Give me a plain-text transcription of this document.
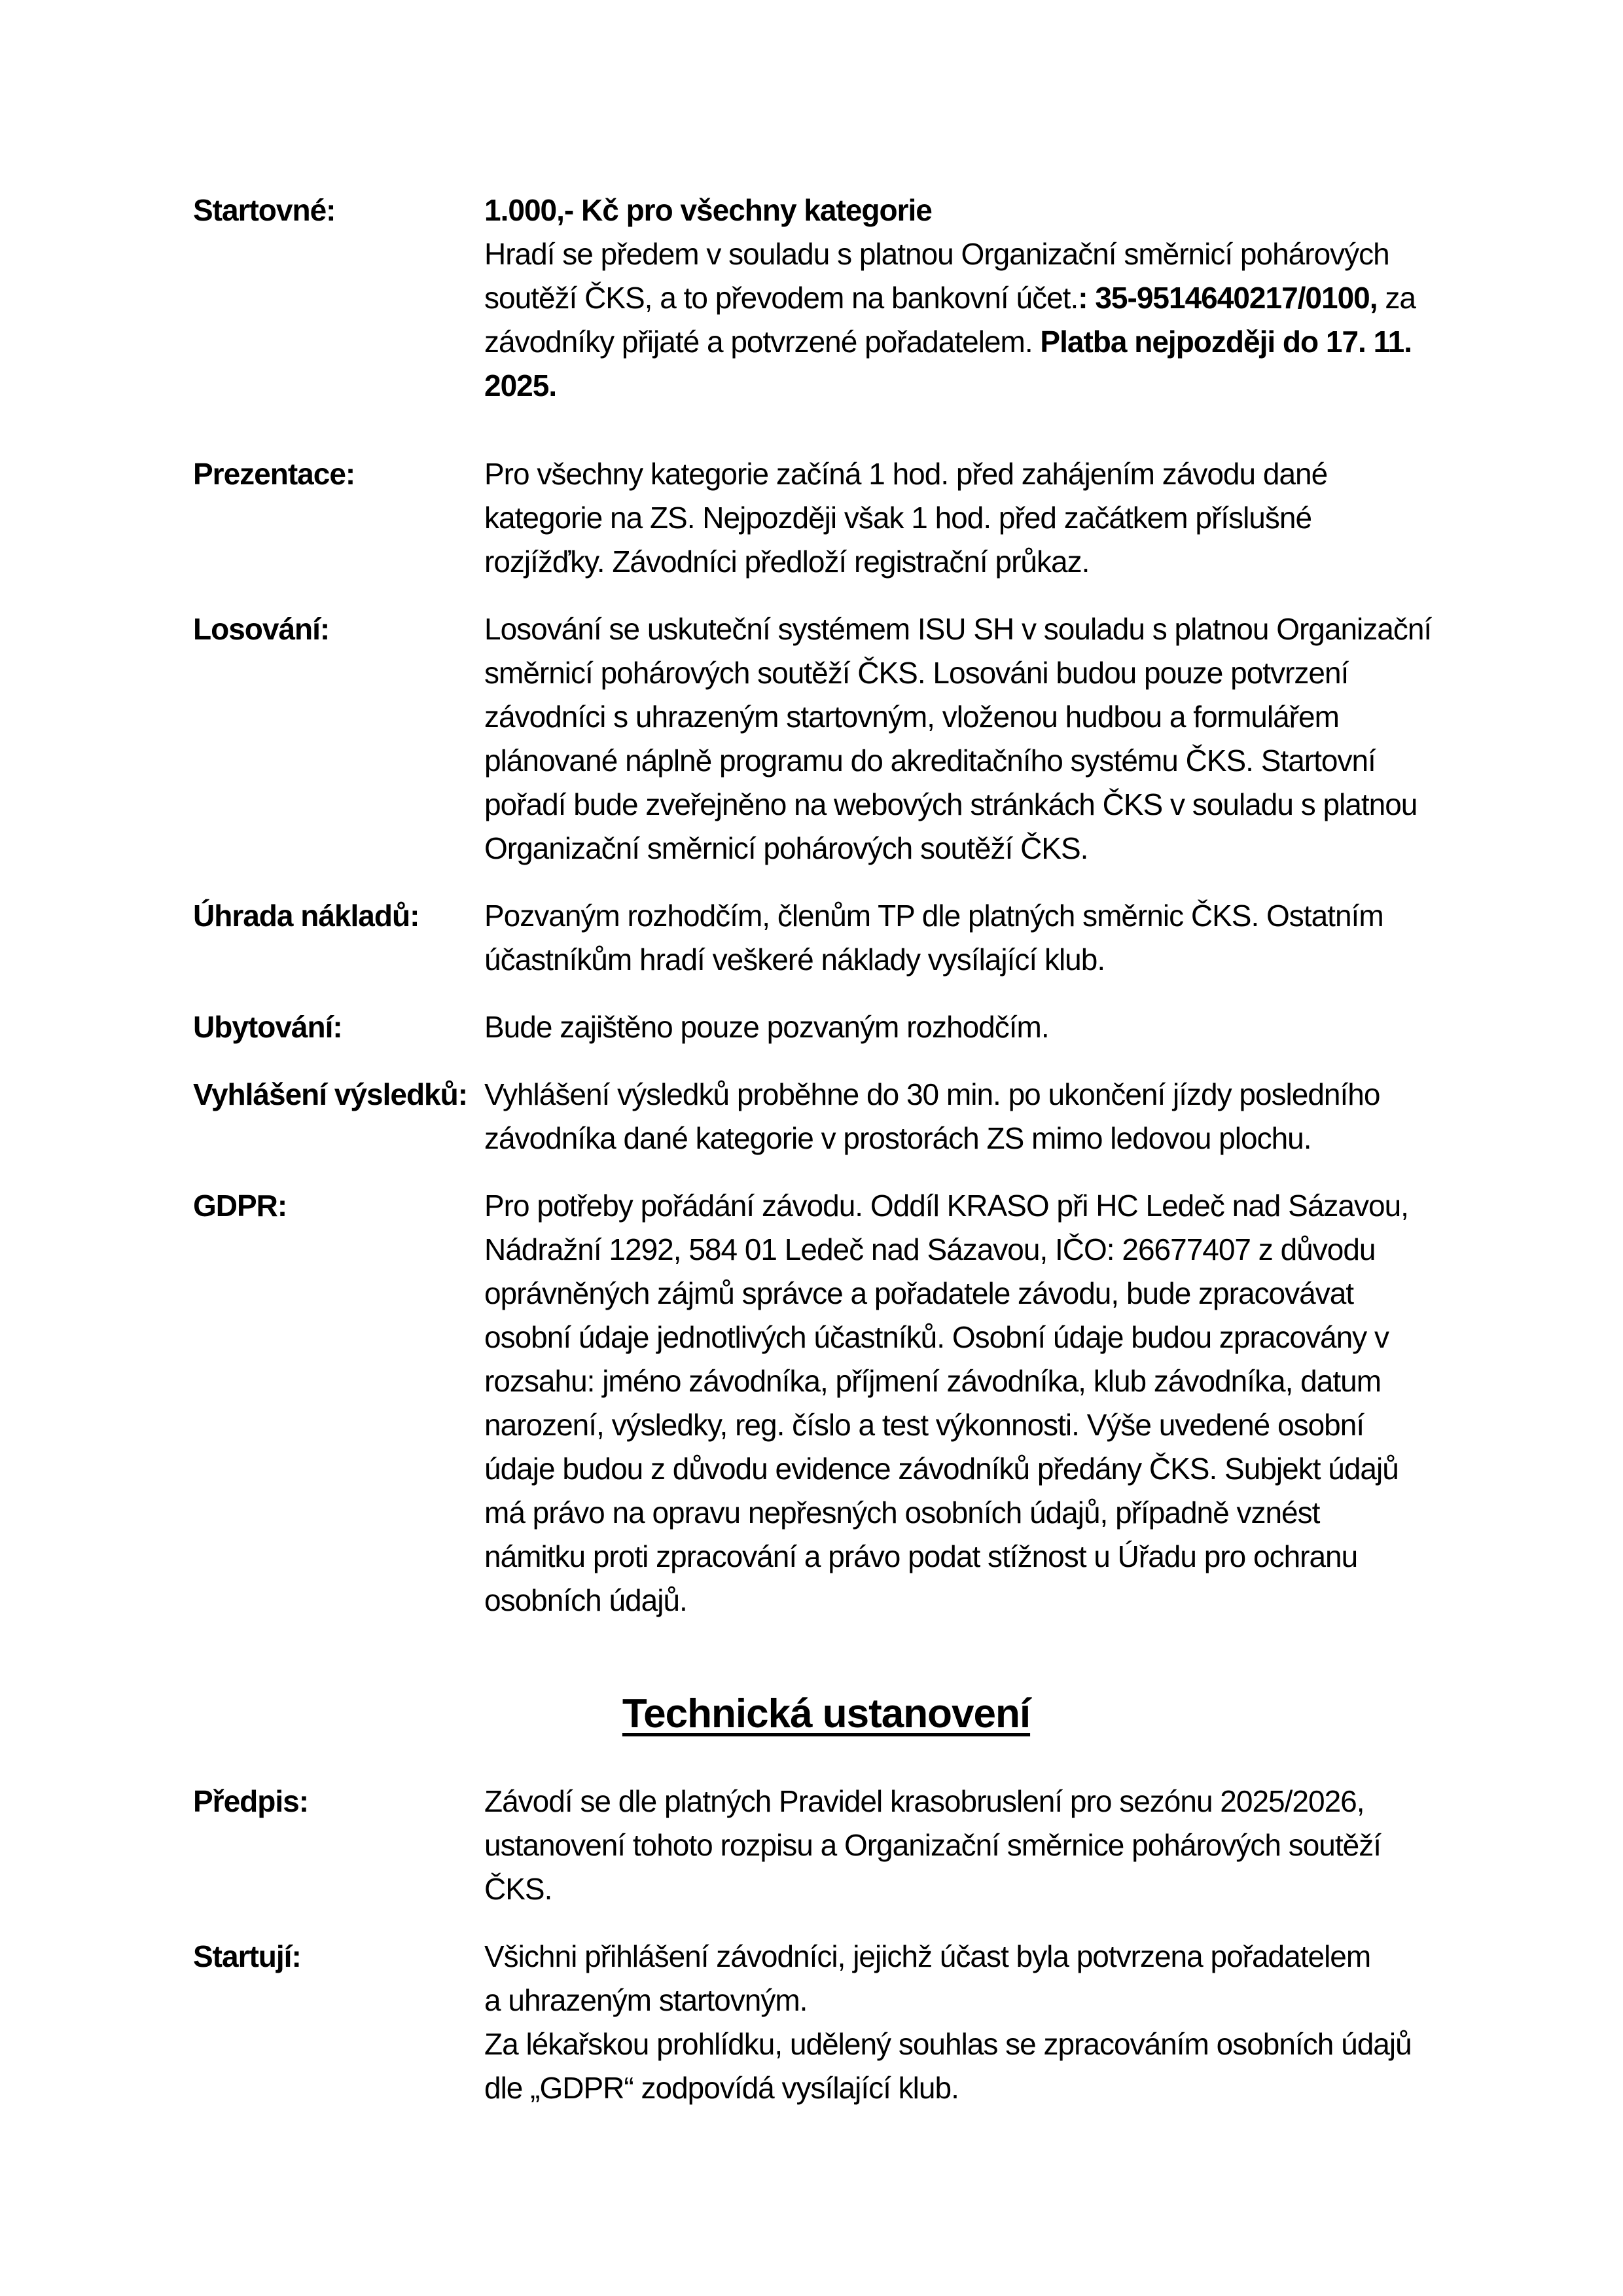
Startovné:	1.000,- Kč pro všechny kategorie
Hradí se předem v souladu s platnou Organizační směrnicí pohárových
soutěží ČKS, a to převodem na bankovní účet.: 35-9514640217/0100, za
závodníky přijaté a potvrzené pořadatelem. Platba nejpozději do 17. 11.
2025.
Prezentace:	Pro všechny kategorie začíná 1 hod. před zahájením závodu dané
kategorie na ZS. Nejpozději však 1 hod. před začátkem příslušné
rozjížďky. Závodníci předloží registrační průkaz.
Losování:	Losování se uskuteční systémem ISU SH v souladu s platnou Organizační
směrnicí pohárových soutěží ČKS. Losováni budou pouze potvrzení
závodníci s uhrazeným startovným, vloženou hudbou a formulářem
plánované náplně programu do akreditačního systému ČKS. Startovní
pořadí bude zveřejněno na webových stránkách ČKS v souladu s platnou
Organizační směrnicí pohárových soutěží ČKS.
Úhrada nákladů:	Pozvaným rozhodčím, členům TP dle platných směrnic ČKS. Ostatním
účastníkům hradí veškeré náklady vysílající klub.
Ubytování:	Bude zajištěno pouze pozvaným rozhodčím.
Vyhlášení výsledků: Vyhlášení výsledků proběhne do 30 min. po ukončení jízdy posledního
závodníka dané kategorie v prostorách ZS mimo ledovou plochu.
GDPR:	Pro potřeby pořádání závodu. Oddíl KRASO při HC Ledeč nad Sázavou,
Nádražní 1292, 584 01 Ledeč nad Sázavou, IČO: 26677407 z důvodu
oprávněných zájmů správce a pořadatele závodu, bude zpracovávat
osobní údaje jednotlivých účastníků. Osobní údaje budou zpracovány v
rozsahu: jméno závodníka, příjmení závodníka, klub závodníka, datum
narození, výsledky, reg. číslo a test výkonnosti. Výše uvedené osobní
údaje budou z důvodu evidence závodníků předány ČKS. Subjekt údajů
má právo na opravu nepřesných osobních údajů, případně vznést
námitku proti zpracování a právo podat stížnost u Úřadu pro ochranu
osobních údajů.
Technická ustanovení
Předpis:	Závodí se dle platných Pravidel krasobruslení pro sezónu 2025/2026,
ustanovení tohoto rozpisu a Organizační směrnice pohárových soutěží
ČKS.
Startují:	Všichni přihlášení závodníci, jejichž účast byla potvrzena pořadatelem
a uhrazeným startovným.
Za lékařskou prohlídku, udělený souhlas se zpracováním osobních údajů
dle „GDPR“ zodpovídá vysílající klub.
